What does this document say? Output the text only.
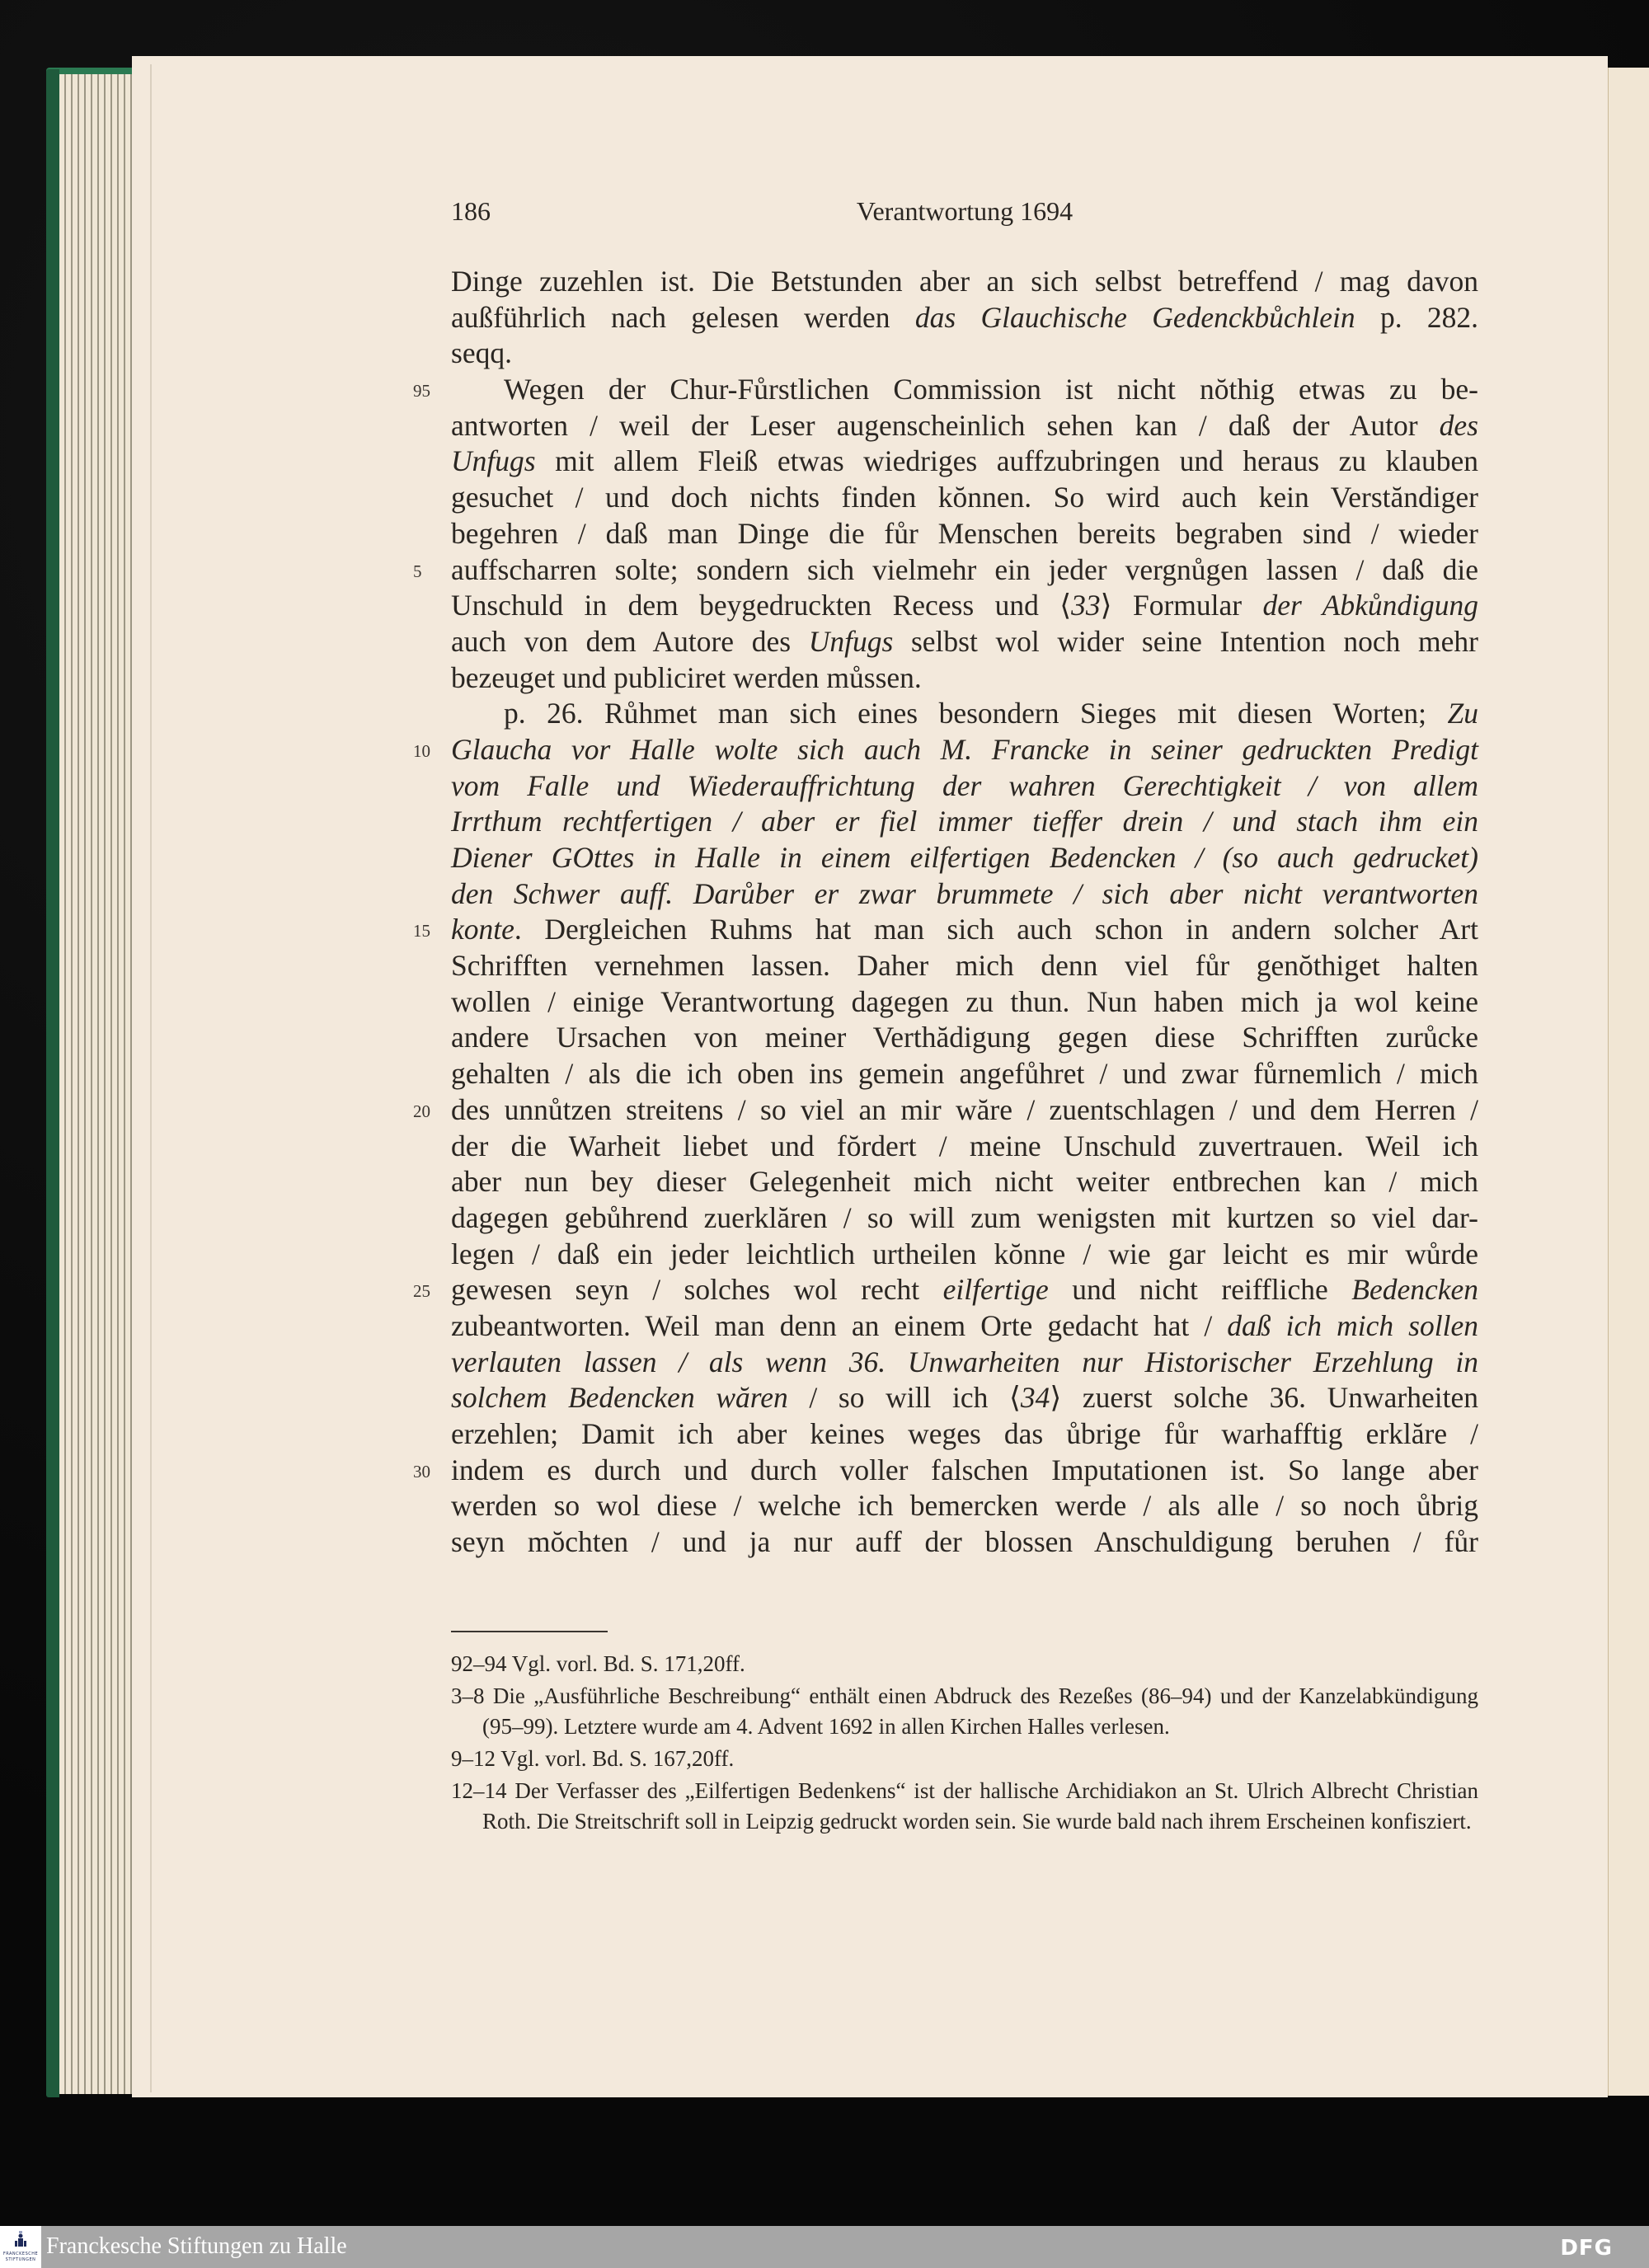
186	Verantwortung 1694
Dinge zuzehlen ist. Die Betstunden aber an sich selbst betreffend / mag davon
außführlich nach gelesen werden das Glauchische Gedenckbůchlein p. 282.
seqq.
95	Wegen der Chur-Fůrstlichen Commission ist nicht nŏthig etwas zu be-
antworten / weil der Leser augenscheinlich sehen kan / daß der Autor des
Unfugs mit allem Fleiß etwas wiedriges auffzubringen und heraus zu klauben
gesuchet / und doch nichts finden kŏnnen. So wird auch kein Verstăndiger
begehren / daß man Dinge die fůr Menschen bereits begraben sind / wieder
5	auffscharren solte; sondern sich vielmehr ein jeder vergnůgen lassen / daß die
Unschuld in dem beygedruckten Recess und ⟨33⟩ Formular der Abkůndigung
auch von dem Autore des Unfugs selbst wol wider seine Intention noch mehr
bezeuget und publiciret werden můssen.
p. 26. Růhmet man sich eines besondern Sieges mit diesen Worten; Zu
10 Glaucha vor Halle wolte sich auch M. Francke in seiner gedruckten Predigt
vom Falle und Wiederauffrichtung der wahren Gerechtigkeit / von allem
Irrthum rechtfertigen / aber er fiel immer tieffer drein / und stach ihm ein
Diener GOttes in Halle in einem eilfertigen Bedencken / (so auch gedrucket)
den Schwer auff. Darůber er zwar brummete / sich aber nicht verantworten
15 konte. Dergleichen Ruhms hat man sich auch schon in andern solcher Art
Schrifften vernehmen lassen. Daher mich denn viel fůr genŏthiget halten
wollen / einige Verantwortung dagegen zu thun. Nun haben mich ja wol keine
andere Ursachen von meiner Verthădigung gegen diese Schrifften zurůcke
gehalten / als die ich oben ins gemein angefůhret / und zwar fůrnemlich / mich
20 des unnůtzen streitens / so viel an mir wăre / zuentschlagen / und dem Herren /
der die Warheit liebet und fŏrdert / meine Unschuld zuvertrauen. Weil ich
aber nun bey dieser Gelegenheit mich nicht weiter entbrechen kan / mich
dagegen gebůhrend zuerklăren / so will zum wenigsten mit kurtzen so viel dar-
legen / daß ein jeder leichtlich urtheilen kŏnne / wie gar leicht es mir wůrde
25 gewesen seyn / solches wol recht eilfertige und nicht reiffliche Bedencken
zubeantworten. Weil man denn an einem Orte gedacht hat / daß ich mich sollen
verlauten lassen / als wenn 36. Unwarheiten nur Historischer Erzehlung in
solchem Bedencken wăren / so will ich ⟨34⟩ zuerst solche 36. Unwarheiten
erzehlen; Damit ich aber keines weges das ůbrige fůr warhafftig erklăre /
30 indem es durch und durch voller falschen Imputationen ist. So lange aber
werden so wol diese / welche ich bemercken werde / als alle / so noch ůbrig
seyn mŏchten / und ja nur auff der blossen Anschuldigung beruhen / fůr
92–94 Vgl. vorl. Bd. S. 171,20ff.
3–8 Die „Ausführliche Beschreibung“ enthält einen Abdruck des Rezeßes (86–94) und der Kanzelabkündigung (95–99). Letztere wurde am 4. Advent 1692 in allen Kirchen Halles verlesen.
9–12 Vgl. vorl. Bd. S. 167,20ff.
12–14 Der Verfasser des „Eilfertigen Bedenkens“ ist der hallische Archidiakon an St. Ulrich Albrecht Christian Roth. Die Streitschrift soll in Leipzig gedruckt worden sein. Sie wurde bald nach ihrem Erscheinen konfisziert.
FRANCKESCHE STIFTUNGEN
Franckesche Stiftungen zu Halle	DFG
